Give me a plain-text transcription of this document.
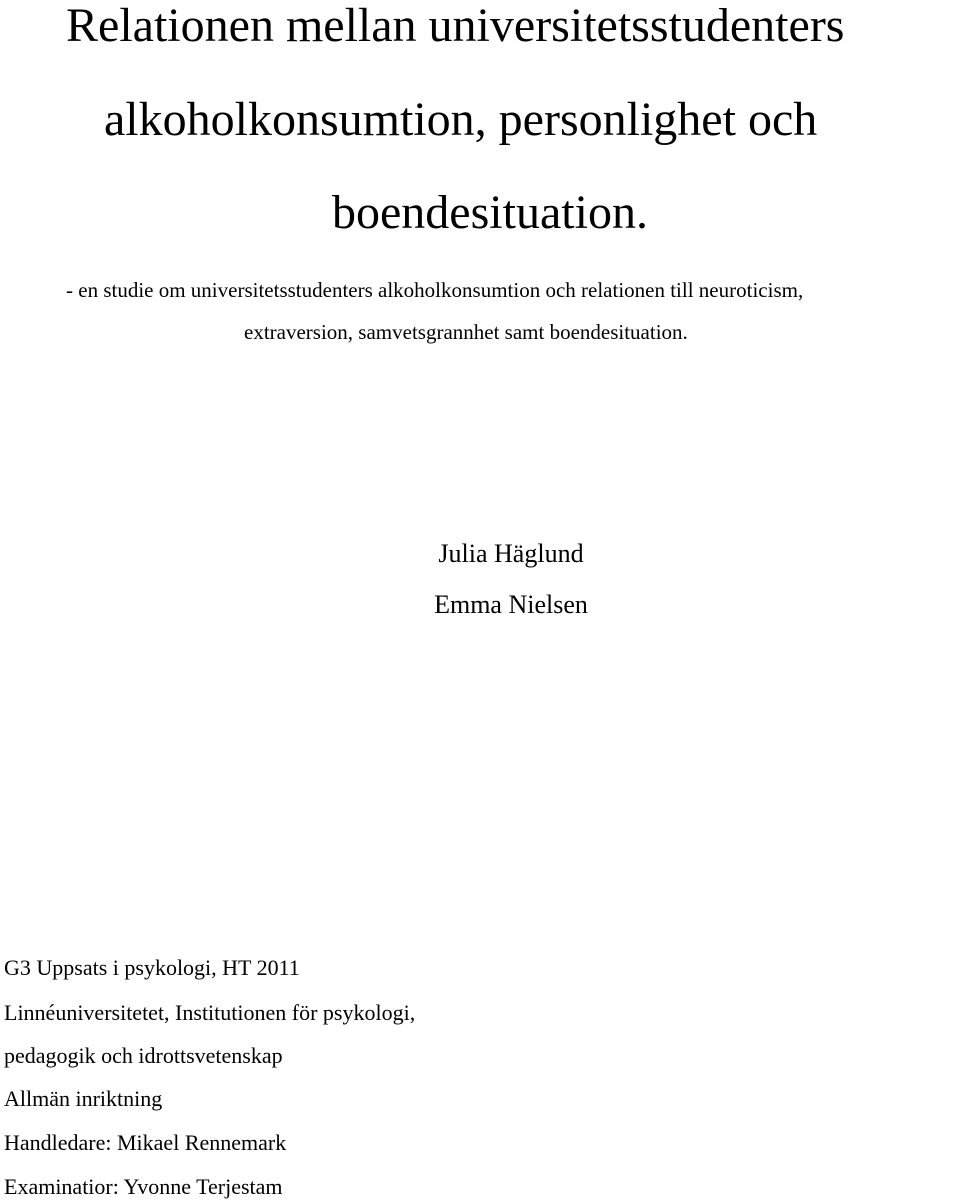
Relationen mellan universitetsstudenters
alkoholkonsumtion, personlighet och
boendesituation.
- en studie om universitetsstudenters alkoholkonsumtion och relationen till neuroticism,
extraversion, samvetsgrannhet samt boendesituation.
Julia Häglund
Emma Nielsen
G3 Uppsats i psykologi, HT 2011
Linnéuniversitetet, Institutionen för psykologi,
pedagogik och idrottsvetenskap
Allmän inriktning
Handledare: Mikael Rennemark
Examinatior: Yvonne Terjestam
